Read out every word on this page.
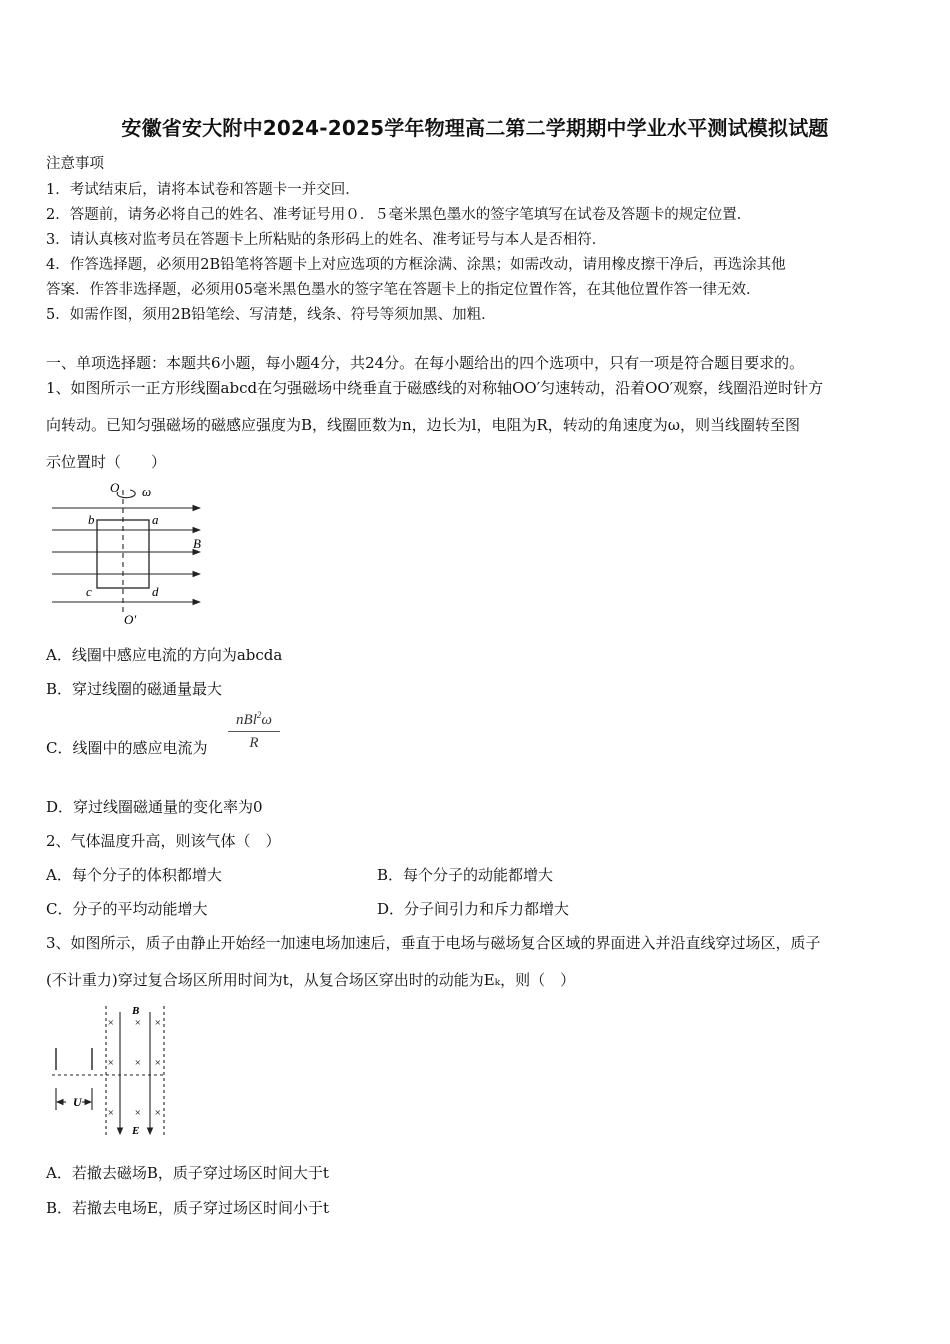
安徽省安大附中2024-2025学年物理高二第二学期期中学业水平测试模拟试题
注意事项
1．考试结束后，请将本试卷和答题卡一并交回．
2．答题前，请务必将自己的姓名、准考证号用０．５毫米黑色墨水的签字笔填写在试卷及答题卡的规定位置．
3．请认真核对监考员在答题卡上所粘贴的条形码上的姓名、准考证号与本人是否相符．
4．作答选择题，必须用2B铅笔将答题卡上对应选项的方框涂满、涂黑；如需改动，请用橡皮擦干净后，再选涂其他
答案．作答非选择题，必须用05毫米黑色墨水的签字笔在答题卡上的指定位置作答，在其他位置作答一律无效．
5．如需作图，须用2B铅笔绘、写清楚，线条、符号等须加黑、加粗．
一、单项选择题：本题共6小题，每小题4分，共24分。在每小题给出的四个选项中，只有一项是符合题目要求的。
1、如图所示一正方形线圈abcd在匀强磁场中绕垂直于磁感线的对称轴OO′匀速转动，沿着OO′观察，线圈沿逆时针方
向转动。已知匀强磁场的磁感应强度为B，线圈匝数为n，边长为l，电阻为R，转动的角速度为ω，则当线圈转至图
示位置时（　　）
O ω
b	a
B
c	d
O′
A．线圈中感应电流的方向为abcda
B．穿过线圈的磁通量最大
C．线圈中的感应电流为
nBl$^2$ω
R
D．穿过线圈磁通量的变化率为0
2、气体温度升高，则该气体（　）
A．每个分子的体积都增大	B．每个分子的动能都增大
C．分子的平均动能增大	D．分子间引力和斥力都增大
3、如图所示，质子由静止开始经一加速电场加速后，垂直于电场与磁场复合区域的界面进入并沿直线穿过场区，质子
(不计重力)穿过复合场区所用时间为t，从复合场区穿出时的动能为Eₖ，则（　）
U
B
E
× × ×
× × ×
× × ×
A．若撤去磁场B，质子穿过场区时间大于t
B．若撤去电场E，质子穿过场区时间小于t
